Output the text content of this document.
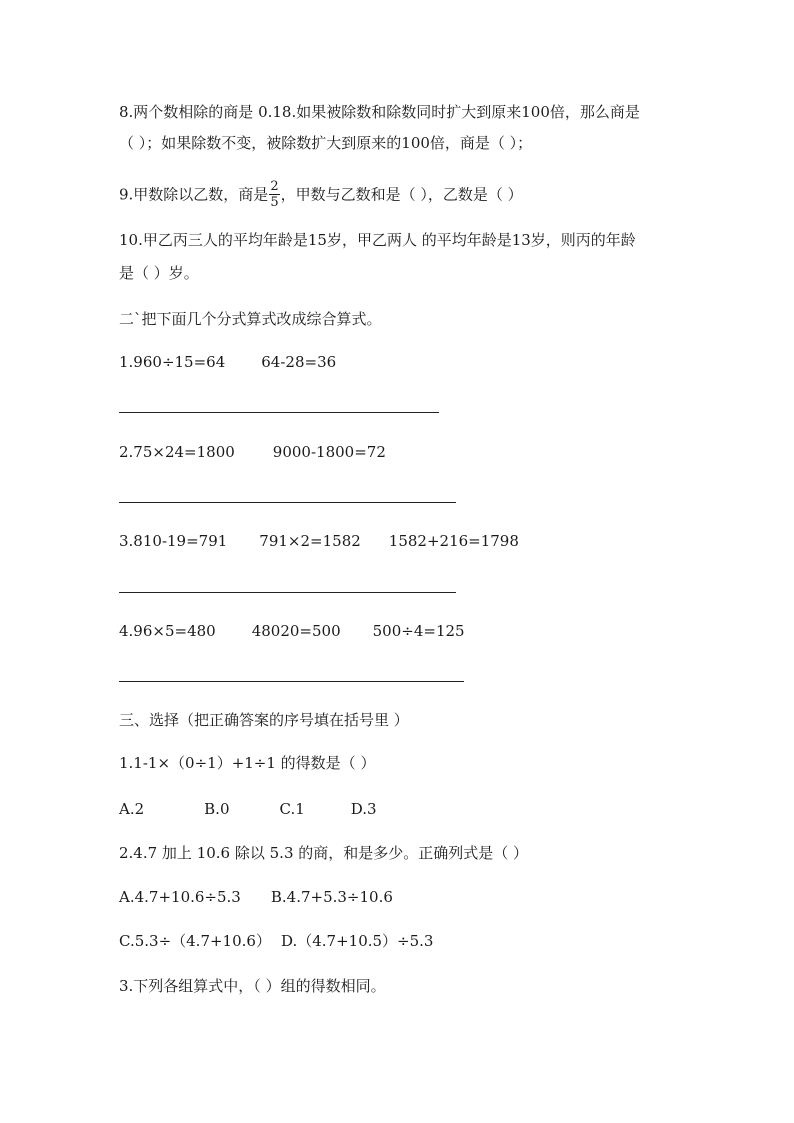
8.两个数相除的商是 0.18.如果被除数和除数同时扩大到原来100倍，那么商是
（ ）；如果除数不变，被除数扩大到原来的100倍，商是（ ）；
9.甲数除以乙数，商是 $\frac{2}{5}$ ，甲数与乙数和是（ ），乙数是（ ）
10.甲乙丙三人的平均年龄是15岁，甲乙两人 的平均年龄是13岁，则丙的年龄
是（ ）岁。
二`把下面几个分式算式改成综合算式。
1.960÷15=64 64-28=36
2.75×24=1800	9000-1800=72
3.810-19=791 791×2=1582 1582+216=1798
4.96×5=480 48020=500 500÷4=125
三、选择（把正确答案的序号填在括号里 ）
1.1-1×（0÷1）+1÷1 的得数是（ ）
A.2	B.0	C.1	D.3
2.4.7 加上 10.6 除以 5.3 的商，和是多少。正确列式是（ ）
A.4.7+10.6÷5.3 B.4.7+5.3÷10.6
C.5.3÷（4.7+10.6） D.（4.7+10.5）÷5.3
3.下列各组算式中，（ ）组的得数相同。
